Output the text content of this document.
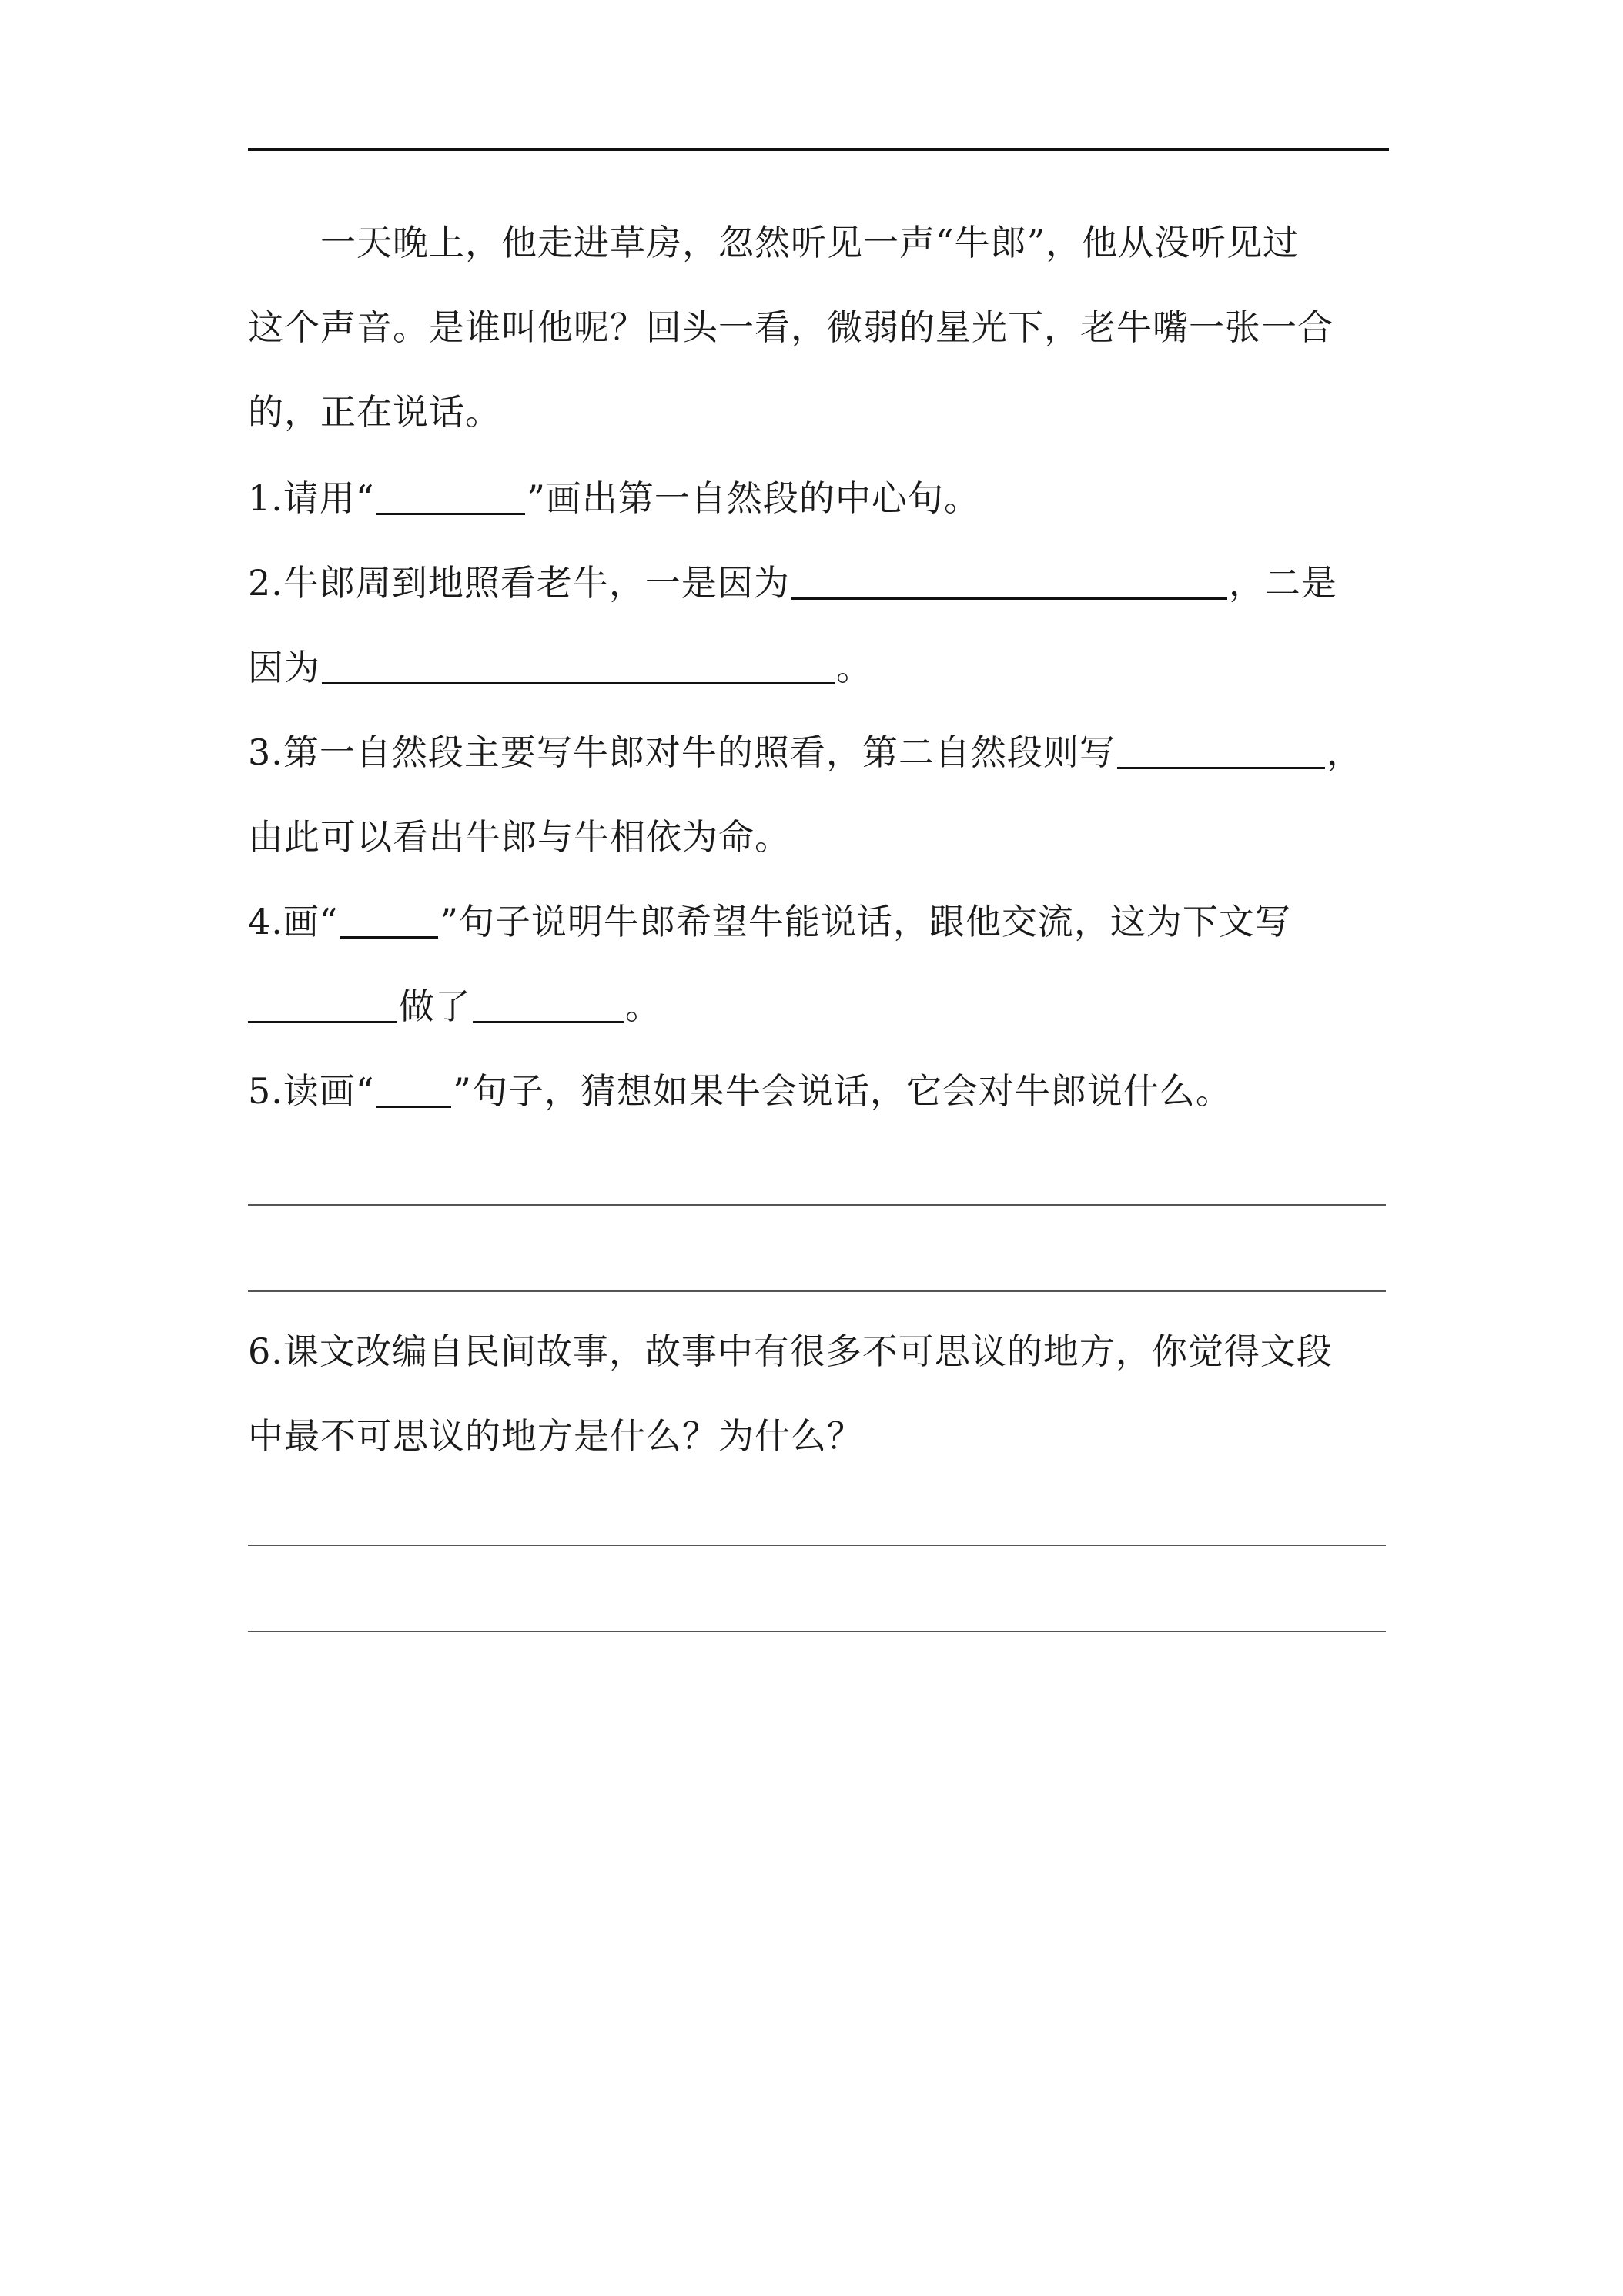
　　一天晚上，他走进草房，忽然听见一声“牛郎”，他从没听见过
这个声音。是谁叫他呢？回头一看，微弱的星光下，老牛嘴一张一合
的，正在说话。
1.请用“	”画出第一自然段的中心句。
2.牛郎周到地照看老牛，一是因为	，二是
因为	。
3.第一自然段主要写牛郎对牛的照看，第二自然段则写	，
由此可以看出牛郎与牛相依为命。
4.画“	”句子说明牛郎希望牛能说话，跟他交流，这为下文写
做了	。
5.读画“ ”句子，猜想如果牛会说话，它会对牛郎说什么。
6.课文改编自民间故事，故事中有很多不可思议的地方，你觉得文段
中最不可思议的地方是什么？为什么？
